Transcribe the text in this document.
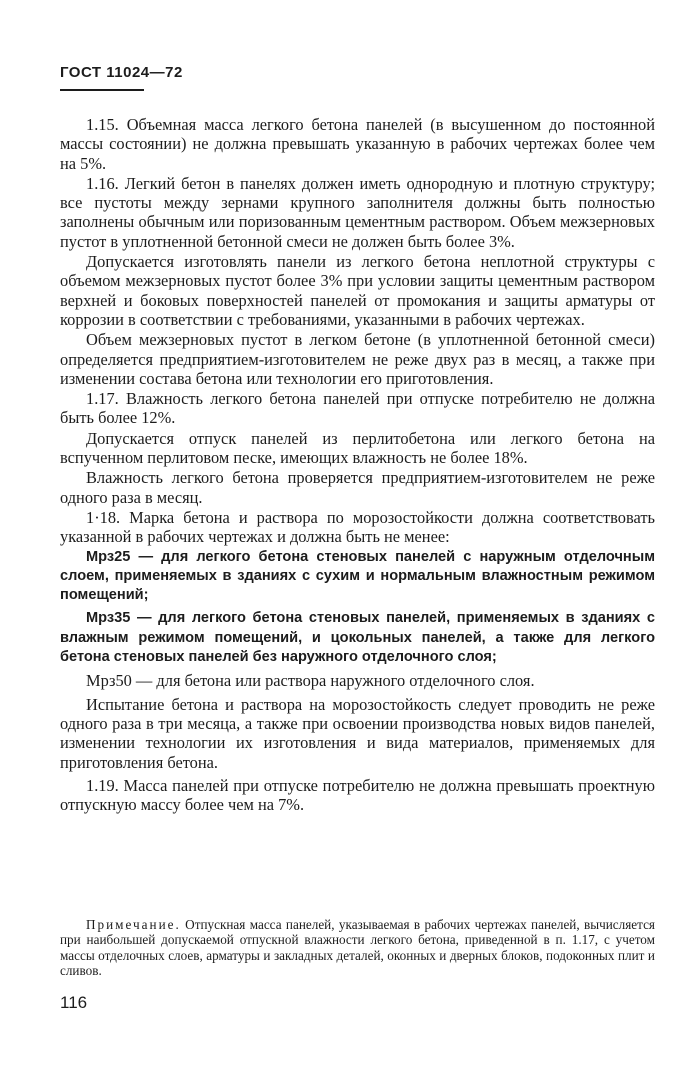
ГОСТ 11024—72

1.15. Объемная масса легкого бетона панелей (в высушенном до постоянной массы состоянии) не должна превышать указанную в рабочих чертежах более чем на 5%.

1.16. Легкий бетон в панелях должен иметь однородную и плотную структуру; все пустоты между зернами крупного заполнителя должны быть полностью заполнены обычным или поризованным цементным раствором. Объем межзерновых пустот в уплотненной бетонной смеси не должен быть более 3%.

Допускается изготовлять панели из легкого бетона неплотной структуры с объемом межзерновых пустот более 3% при условии защиты цементным раствором верхней и боковых поверхностей панелей от промокания и защиты арматуры от коррозии в соответствии с требованиями, указанными в рабочих чертежах.

Объем межзерновых пустот в легком бетоне (в уплотненной бетонной смеси) определяется предприятием-изготовителем не реже двух раз в месяц, а также при изменении состава бетона или технологии его приготовления.

1.17. Влажность легкого бетона панелей при отпуске потребителю не должна быть более 12%.

Допускается отпуск панелей из перлитобетона или легкого бетона на вспученном перлитовом песке, имеющих влажность не более 18%.

Влажность легкого бетона проверяется предприятием-изготовителем не реже одного раза в месяц.

1·18. Марка бетона и раствора по морозостойкости должна соответствовать указанной в рабочих чертежах и должна быть не менее:

Мрз25 — для легкого бетона стеновых панелей с наружным отделочным слоем, применяемых в зданиях с сухим и нормальным влажностным режимом помещений;

Мрз35 — для легкого бетона стеновых панелей, применяемых в зданиях с влажным режимом помещений, и цокольных панелей, а также для легкого бетона стеновых панелей без наружного отделочного слоя;

Мрз50 — для бетона или раствора наружного отделочного слоя.

Испытание бетона и раствора на морозостойкость следует проводить не реже одного раза в три месяца, а также при освоении производства новых видов панелей, изменении технологии их изготовления и вида материалов, применяемых для приготовления бетона.

1.19. Масса панелей при отпуске потребителю не должна превышать проектную отпускную массу более чем на 7%.

Примечание. Отпускная масса панелей, указываемая в рабочих чертежах панелей, вычисляется при наибольшей допускаемой отпускной влажности легкого бетона, приведенной в п. 1.17, с учетом массы отделочных слоев, арматуры и закладных деталей, оконных и дверных блоков, подоконных плит и сливов.

116
